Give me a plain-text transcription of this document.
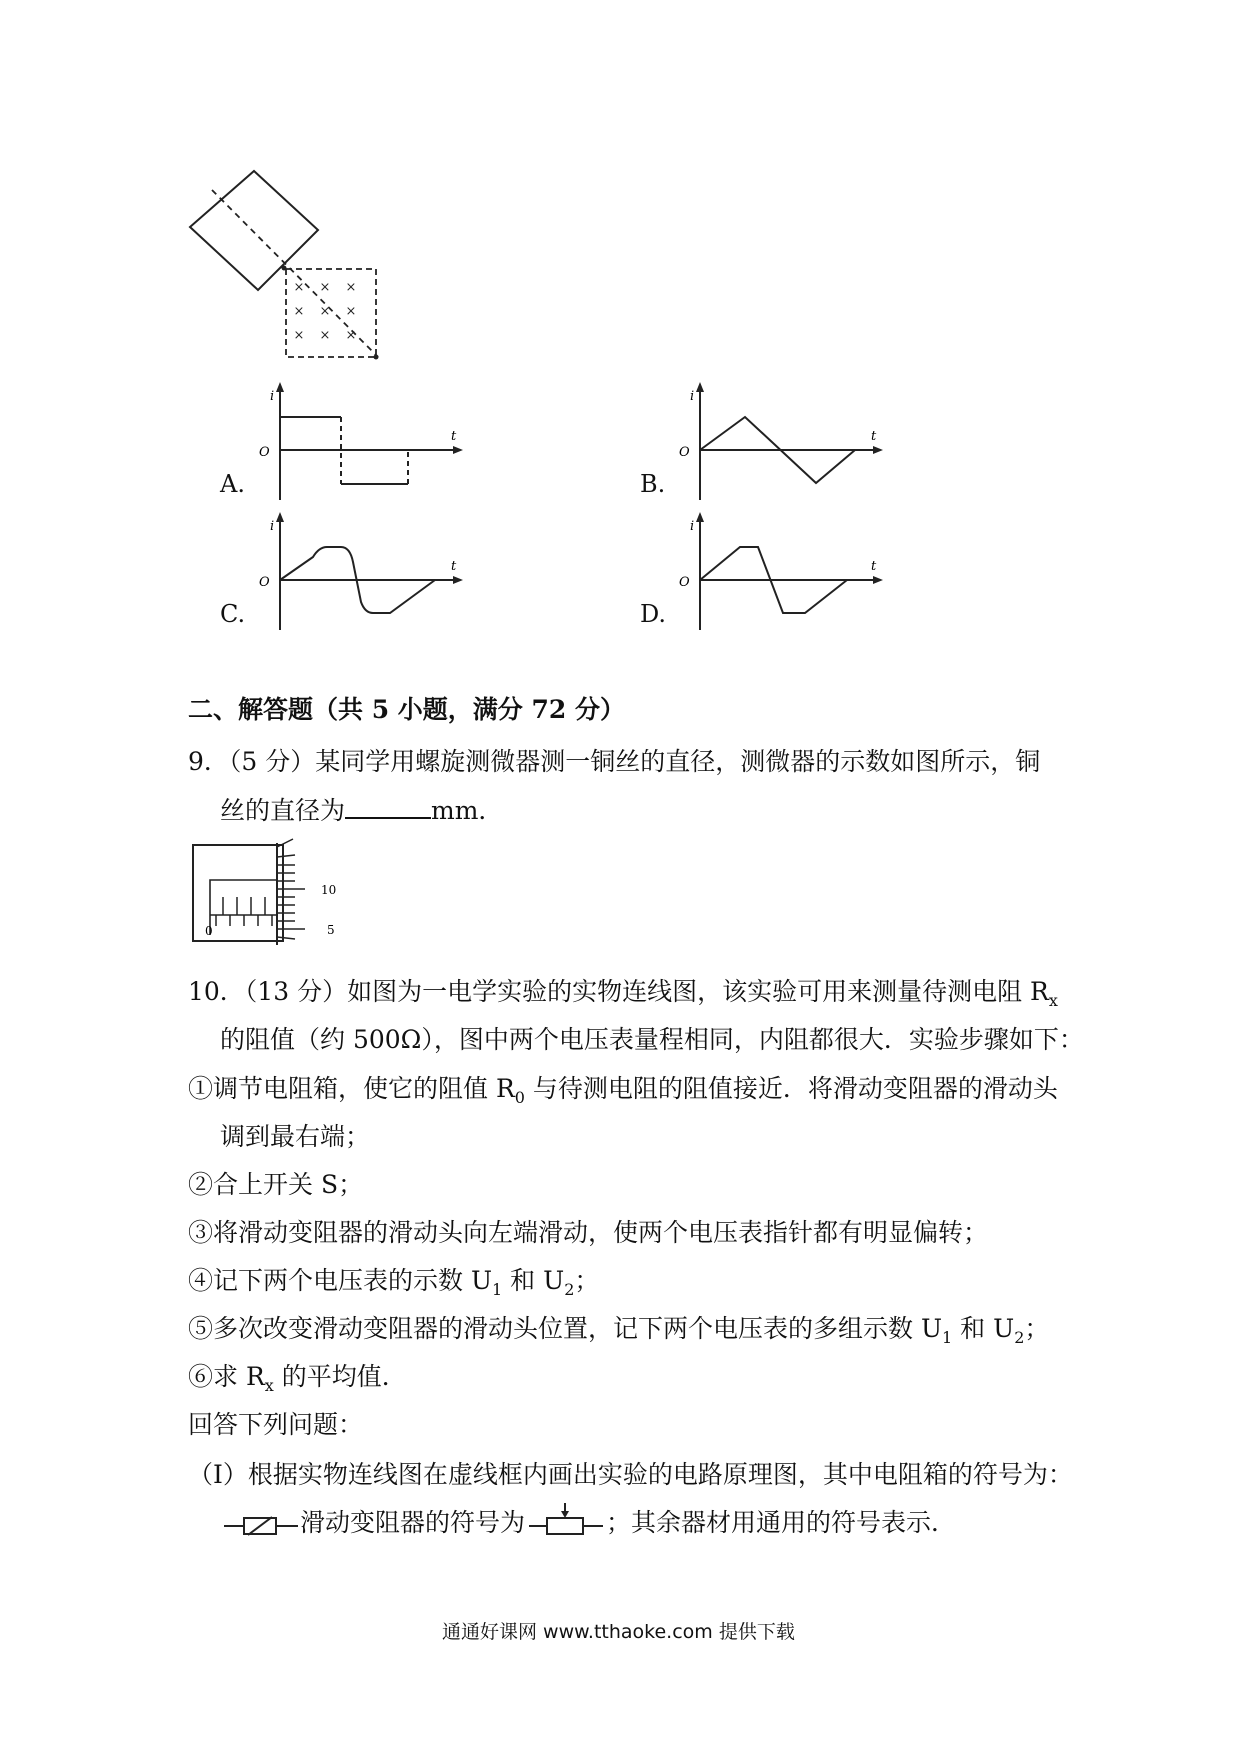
× × ×
× × ×
× × ×
A.
i
t
O
B.
i
t
O
C.
i
t
O
D.
i
t
O
二、解答题（共 5 小题，满分 72 分）
9．（5 分）某同学用螺旋测微器测一铜丝的直径，测微器的示数如图所示，铜
丝的直径为	mm．
10
5
0
10．（13 分）如图为一电学实验的实物连线图，该实验可用来测量待测电阻 $R_x$
的阻值（约 500Ω），图中两个电压表量程相同，内阻都很大．实验步骤如下：
①调节电阻箱，使它的阻值 $R_0$ 与待测电阻的阻值接近．将滑动变阻器的滑动头
调到最右端；
②合上开关 S；
③将滑动变阻器的滑动头向左端滑动，使两个电压表指针都有明显偏转；
④记下两个电压表的示数 $U_1$ 和 $U_2$；
⑤多次改变滑动变阻器的滑动头位置，记下两个电压表的多组示数 $U_1$ 和 $U_2$；
⑥求 $R_x$ 的平均值．
回答下列问题：
（I）根据实物连线图在虚线框内画出实验的电路原理图，其中电阻箱的符号为：
滑动变阻器的符号为	；其余器材用通用的符号表示．
通通好课网 www.tthaoke.com 提供下载
